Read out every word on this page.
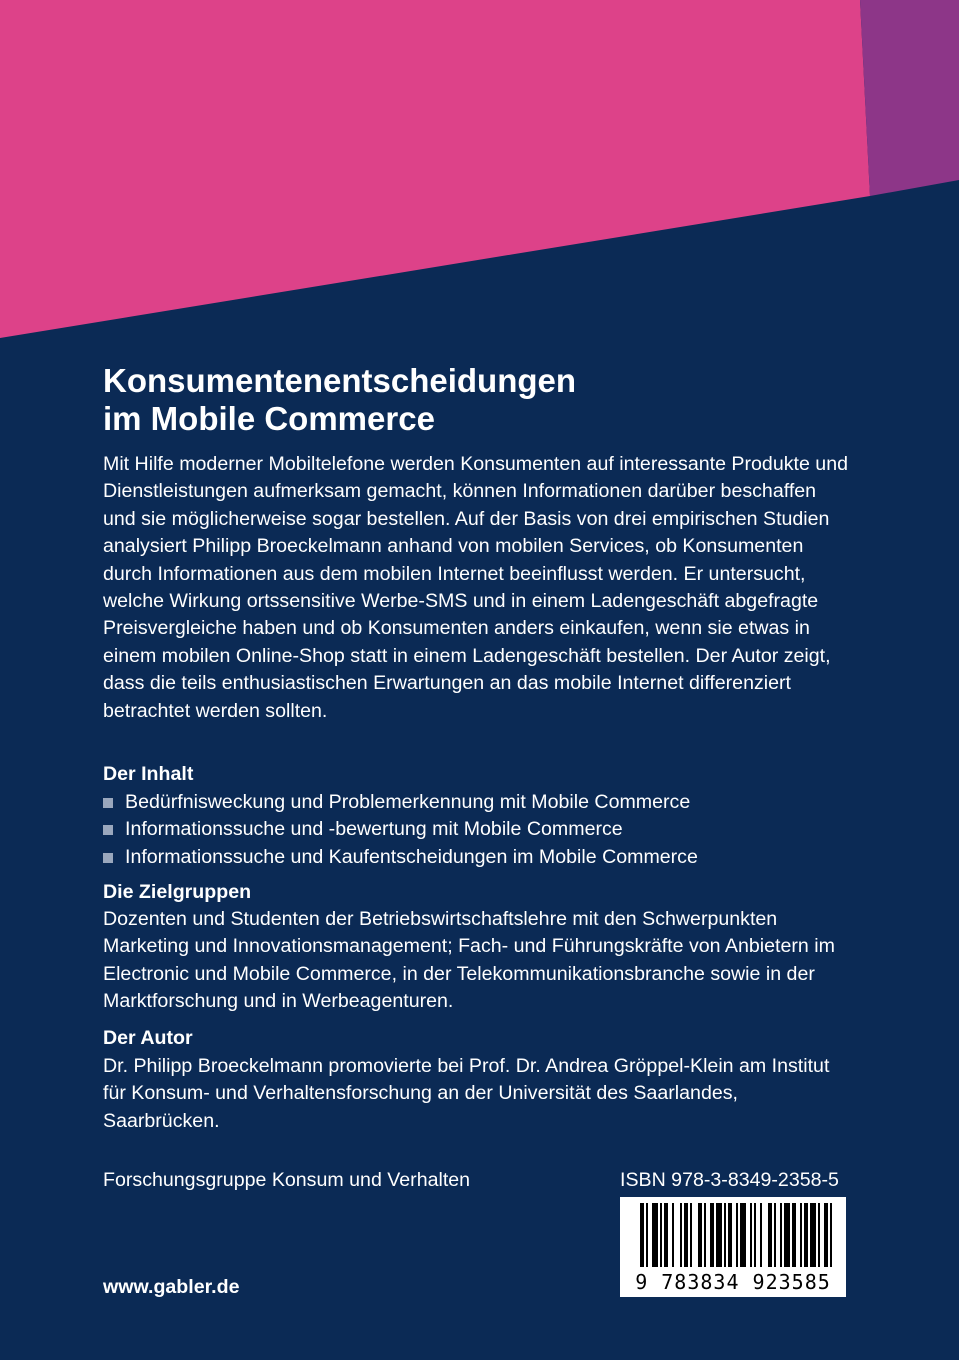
Konsumentenentscheidungen
im Mobile Commerce

Mit Hilfe moderner Mobiltelefone werden Konsumenten auf interessante Produkte und Dienstleistungen aufmerksam gemacht, können Informationen darüber beschaffen und sie möglicherweise sogar bestellen. Auf der Basis von drei empirischen Studien analysiert Philipp Broeckelmann anhand von mobilen Services, ob Konsumenten durch Informationen aus dem mobilen Internet beeinflusst werden. Er untersucht, welche Wirkung ortssensitive Werbe-SMS und in einem Ladengeschäft abgefragte Preisvergleiche haben und ob Konsumenten anders einkaufen, wenn sie etwas in einem mobilen Online-Shop statt in einem Ladengeschäft bestellen. Der Autor zeigt, dass die teils enthusiastischen Erwartungen an das mobile Internet differenziert betrachtet werden sollten.

Der Inhalt
Bedürfnisweckung und Problemerkennung mit Mobile Commerce
Informationssuche und -bewertung mit Mobile Commerce
Informationssuche und Kaufentscheidungen im Mobile Commerce
Die Zielgruppen

Dozenten und Studenten der Betriebswirtschaftslehre mit den Schwerpunkten Marketing und Innovationsmanagement; Fach- und Führungskräfte von Anbietern im Electronic und Mobile Commerce, in der Telekommunikationsbranche sowie in der Marktforschung und in Werbeagenturen.

Der Autor

Dr. Philipp Broeckelmann promovierte bei Prof. Dr. Andrea Gröppel-Klein am Institut für Konsum- und Verhaltensforschung an der Universität des Saarlandes, Saarbrücken.

Forschungsgruppe Konsum und Verhalten	ISBN 978-3-8349-2358-5

9 783834 923585

www.gabler.de
